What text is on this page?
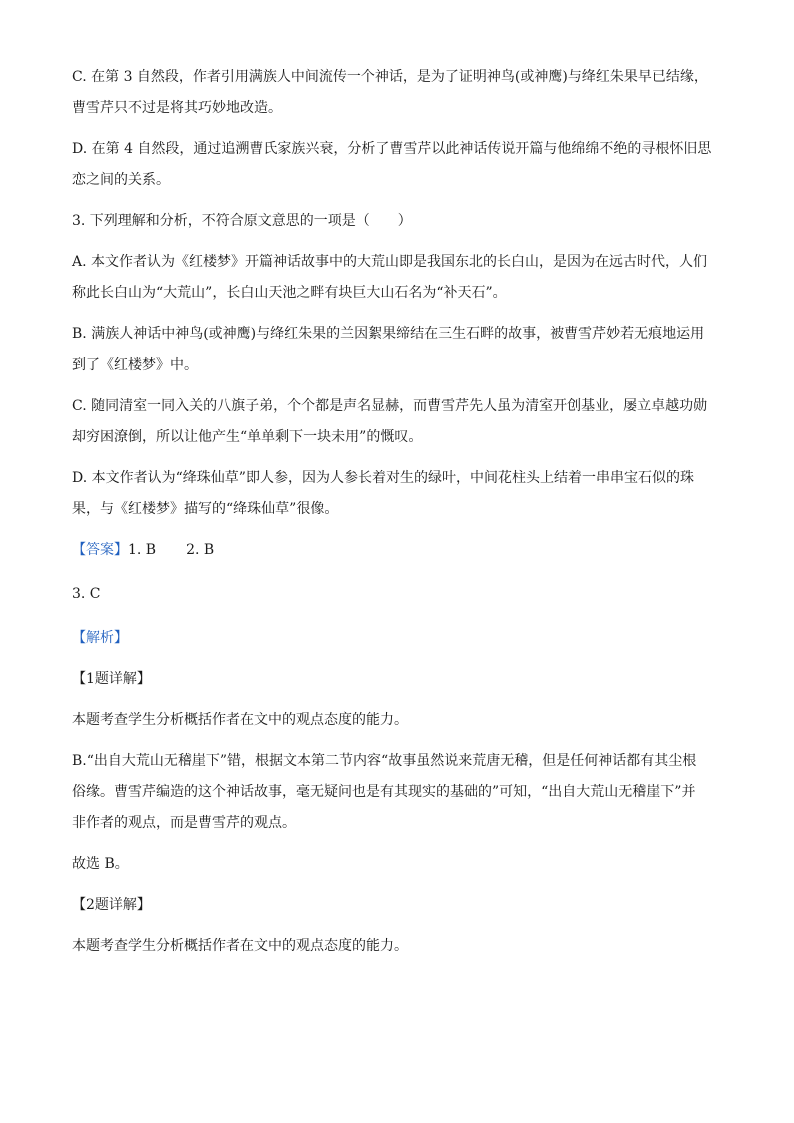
C. 在第 3 自然段，作者引用满族人中间流传一个神话，是为了证明神鸟(或神鹰)与绛红朱果早已结缘，

曹雪芹只不过是将其巧妙地改造。

D. 在第 4 自然段，通过追溯曹氏家族兴衰，分析了曹雪芹以此神话传说开篇与他绵绵不绝的寻根怀旧思

恋之间的关系。

3. 下列理解和分析，不符合原文意思的一项是（　　）

A. 本文作者认为《红楼梦》开篇神话故事中的大荒山即是我国东北的长白山，是因为在远古时代，人们

称此长白山为“大荒山”，长白山天池之畔有块巨大山石名为“补天石”。

B. 满族人神话中神鸟(或神鹰)与绛红朱果的兰因絮果缔结在三生石畔的故事，被曹雪芹妙若无痕地运用

到了《红楼梦》中。

C. 随同清室一同入关的八旗子弟，个个都是声名显赫，而曹雪芹先人虽为清室开创基业，屡立卓越功勋

却穷困潦倒，所以让他产生“单单剩下一块未用”的慨叹。

D. 本文作者认为“绛珠仙草”即人参，因为人参长着对生的绿叶，中间花柱头上结着一串串宝石似的珠

果，与《红楼梦》描写的“绛珠仙草”很像。

【答案】1. B 2. B

3. C

【解析】

【1题详解】

本题考查学生分析概括作者在文中的观点态度的能力。

B.“出自大荒山无稽崖下”错，根据文本第二节内容“故事虽然说来荒唐无稽，但是任何神话都有其尘根

俗缘。曹雪芹编造的这个神话故事，毫无疑问也是有其现实的基础的”可知，“出自大荒山无稽崖下”并

非作者的观点，而是曹雪芹的观点。

故选 B。

【2题详解】

本题考查学生分析概括作者在文中的观点态度的能力。
